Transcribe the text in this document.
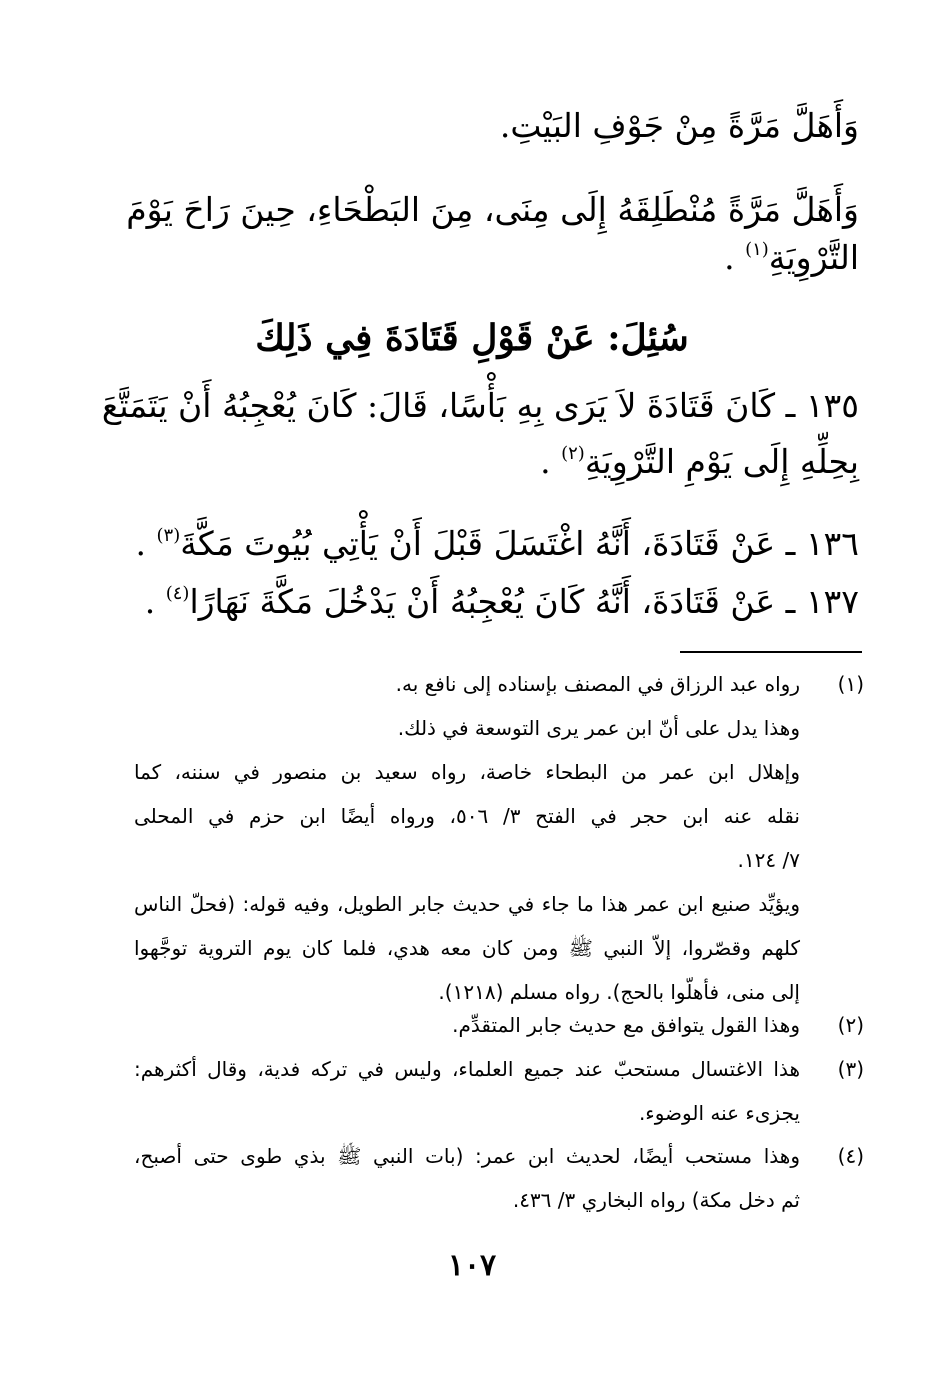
وَأَهَلَّ مَرَّةً مِنْ جَوْفِ البَيْتِ.
وَأَهَلَّ مَرَّةً مُنْطَلِقَهُ إِلَى مِنَى، مِنَ البَطْحَاءِ، حِينَ رَاحَ يَوْمَ
التَّرْوِيَةِ$^{(١)}$ .
سُئِلَ: عَنْ قَوْلِ قَتَادَةَ فِي ذَلِكَ
١٣٥ ـ كَانَ قَتَادَةَ لاَ يَرَى بِهِ بَأْسًا، قَالَ: كَانَ يُعْجِبُهُ أَنْ يَتَمَتَّعَ
بِحِلِّهِ إِلَى يَوْمِ التَّرْوِيَةِ$^{(٢)}$ .
١٣٦ ـ عَنْ قَتَادَةَ، أَنَّهُ اغْتَسَلَ قَبْلَ أَنْ يَأْتِي بُيُوتَ مَكَّةَ$^{(٣)}$ .
١٣٧ ـ عَنْ قَتَادَةَ، أَنَّهُ كَانَ يُعْجِبُهُ أَنْ يَدْخُلَ مَكَّةَ نَهَارًا$^{(٤)}$ .
(١)
رواه عبد الرزاق في المصنف بإسناده إلى نافع به.
وهذا يدل على أنّ ابن عمر يرى التوسعة في ذلك.
وإهلال ابن عمر من البطحاء خاصة، رواه سعيد بن منصور في سننه، كما
نقله عنه ابن حجر في الفتح ٣/ ٥٠٦، ورواه أيضًا ابن حزم في المحلى
٧/ ١٢٤.
ويؤيِّد صنيع ابن عمر هذا ما جاء في حديث جابر الطويل، وفيه قوله: (فحلّ الناس
كلهم وقصّروا، إلاّ النبي ﷺ ومن كان معه هدي، فلما كان يوم التروية توجَّهوا
إلى منى، فأهلّوا بالحج). رواه مسلم (١٢١٨).
(٢)
وهذا القول يتوافق مع حديث جابر المتقدِّم.
(٣)
هذا الاغتسال مستحبّ عند جميع العلماء، وليس في تركه فدية، وقال أكثرهم:
يجزىء عنه الوضوء.
(٤)
وهذا مستحب أيضًا، لحديث ابن عمر: (بات النبي ﷺ بذي طوى حتى أصبح،
ثم دخل مكة) رواه البخاري ٣/ ٤٣٦.
١٠٧
